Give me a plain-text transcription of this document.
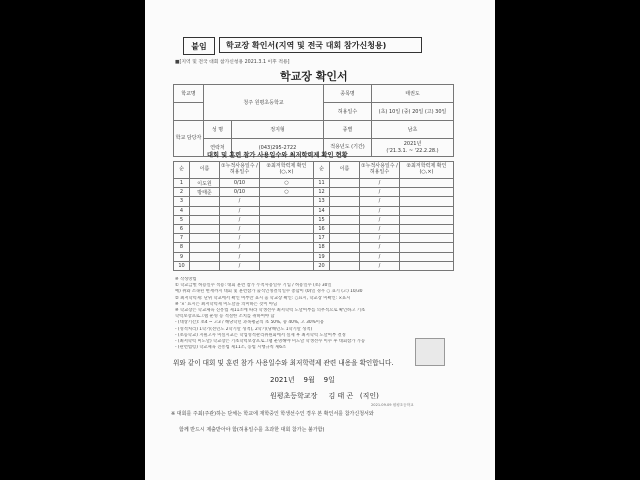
붙임	학교장 확인서(지역 및 전국 대회 참가신청용)
■[지역 및 전국 대회 참가신청용 2021.3.1 이후 적용]
학교장 확인서
학교명	청주 원평초등학교		종목명	태권도
			허용일수	(초) 10일 (중) 20일 (고) 30일
학교 담당자	성 명	정지형	종별	남초
	연락처	(043)295-2722	적용년도 (기간)	2021년
('21.3.1. ~ '22.2.28.)
대회 및 훈련 참가 사용일수와 최저학력제 확인 현황
순	이름	①누적사용일수 /허용일수	②최저학력제 확인(○,×)	순	이름	①누적사용일수 /허용일수	②최저학력제 확인(○,×)
1	이도원	0/10	○	11		/	
2	방태준	0/10	○	12		/	
3		/		13		/	
4		/		14		/	
5		/		15		/	
6		/		16		/	
7		/		17		/	
8		/		18		/	
9		/		19		/	
10		/		20		/	
※ 작성방법
① 학교급별 허용일수 적용: 대회 훈련 참가 누적사용일수 기입 / 허용일수 (초) 30일
예) 위와 소속된 현재까지 대회 및 훈련참가 출석인정결석일수 총합이 (0)일 경우 ○ 표기 (고) 10/30
② 최저학력제: 단위 학교에서 확인 여부만 표시 ◎ 학교장 확인: ○표시, 학교장 미확인: ×표시
※ '×' 표시는 최저학력제 미도달을 의미하는 것이 아님
※ 학교장은 학교체육 진흥법 제11조에 따라 학생선수 최저학력 도달여부를 의무적으로 확인하고 기초
학력보장프로그램 운영 등 적절한 조치를 취하여야 함
- (대상기간): 초4 ~ 고3 / 해당학년 과목평균의 초 50%, 중 40%, 고 30%이용
- (성적처리) 1학기(전년도 2학기말 성적), 2학기(당해년도 1학기말 성적)
- (초등학교) 지필고사 미실시교는 학업성적관리위원회에서 실제 후 최저학력 도달여부 결정
- (최저학력 미도달) 학교장은 기초학력보장프로그램 운영해야 미도달 학생선수 이수 후 대회참가 가능
- (관련법령) 학교체육 진흥법 제11조, 동법 시행규칙 제6조
위와 같이 대회 및 훈련 참가 사용일수와 최저학력제 관련 내용을 확인합니다.
2021년 9월 9일
원평초등학교장 김 태 곤 (직인)
2021.09.09 원평초등학교
※ 대회를 주최(주관)하는 단체는 학교에 재학중인 학생선수인 경우 본 확인서를 참가신청서와
함께 반드시 제출받아야 함(허용일수를 초과한 대회 참가는 불가함)
